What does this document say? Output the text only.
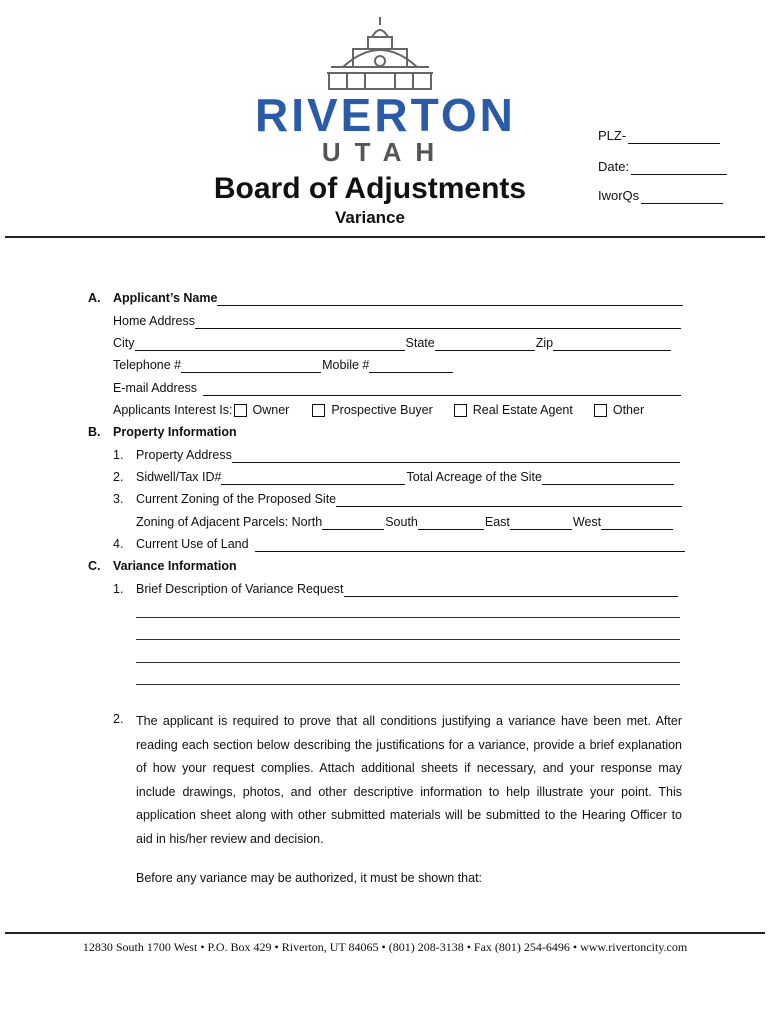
RIVERTON
UTAH
Board of Adjustments
Variance
PLZ-
Date:
IworQs
A. Applicant’s Name
Home Address
City	State	Zip
Telephone #	Mobile #
E-mail Address
Applicants Interest Is: Owner	Prospective Buyer	Real Estate Agent	Other
B. Property Information
1. Property Address
2. Sidwell/Tax ID#	Total Acreage of the Site
3. Current Zoning of the Proposed Site
Zoning of Adjacent Parcels: North	South	East	West
4. Current Use of Land
C. Variance Information
1. Brief Description of Variance Request
2. The applicant is required to prove that all conditions justifying a variance have been met. After reading each section below describing the justifications for a variance, provide a brief explanation of how your request complies. Attach additional sheets if necessary, and your response may include drawings, photos, and other descriptive information to help illustrate your point. This application sheet along with other submitted materials will be submitted to the Hearing Officer to aid in his/her review and decision.
Before any variance may be authorized, it must be shown that:
12830 South 1700 West • P.O. Box 429 • Riverton, UT 84065 • (801) 208-3138 • Fax (801) 254-6496 • www.rivertoncity.com
